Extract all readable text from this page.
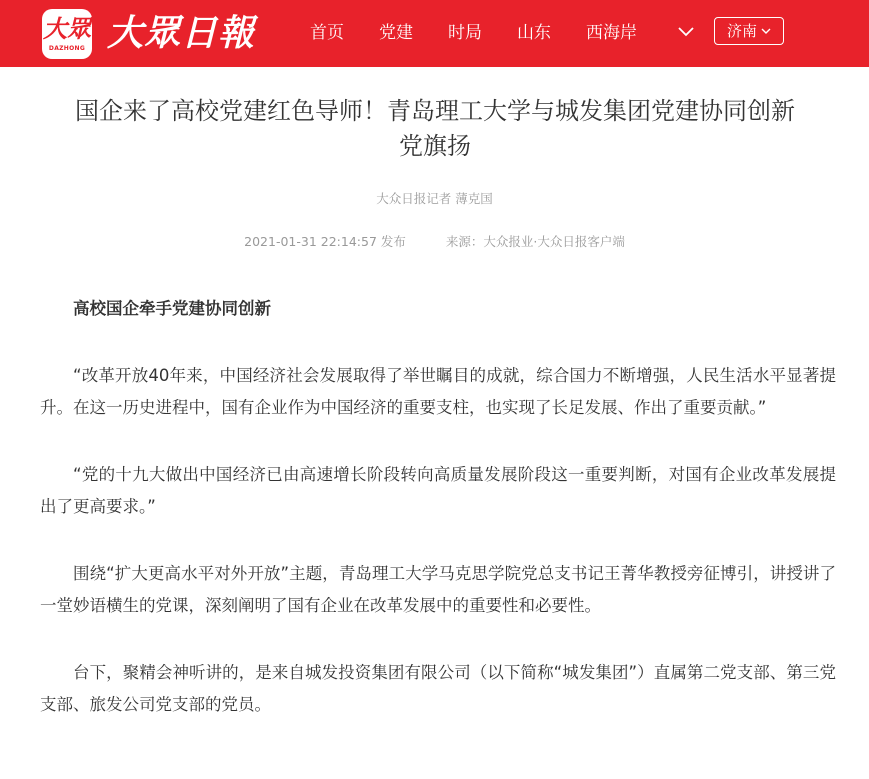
大眾
DAZHONG 大眾日報	首页 党建 时局 山东 西海岸	济南
国企来了高校党建红色导师！青岛理工大学与城发集团党建协同创新
党旗扬
大众日报记者 薄克国
2021-01-31 22:14:57 发布	来源：大众报业·大众日报客户端

高校国企牵手党建协同创新

“改革开放40年来，中国经济社会发展取得了举世瞩目的成就，综合国力不断增强，人民生活水平显著提升。在这一历史进程中，国有企业作为中国经济的重要支柱，也实现了长足发展、作出了重要贡献。”

“党的十九大做出中国经济已由高速增长阶段转向高质量发展阶段这一重要判断，对国有企业改革发展提出了更高要求。”

围绕“扩大更高水平对外开放”主题，青岛理工大学马克思学院党总支书记王菁华教授旁征博引，讲授讲了一堂妙语横生的党课，深刻阐明了国有企业在改革发展中的重要性和必要性。

台下，聚精会神听讲的，是来自城发投资集团有限公司（以下简称“城发集团”）直属第二党支部、第三党支部、旅发公司党支部的党员。
